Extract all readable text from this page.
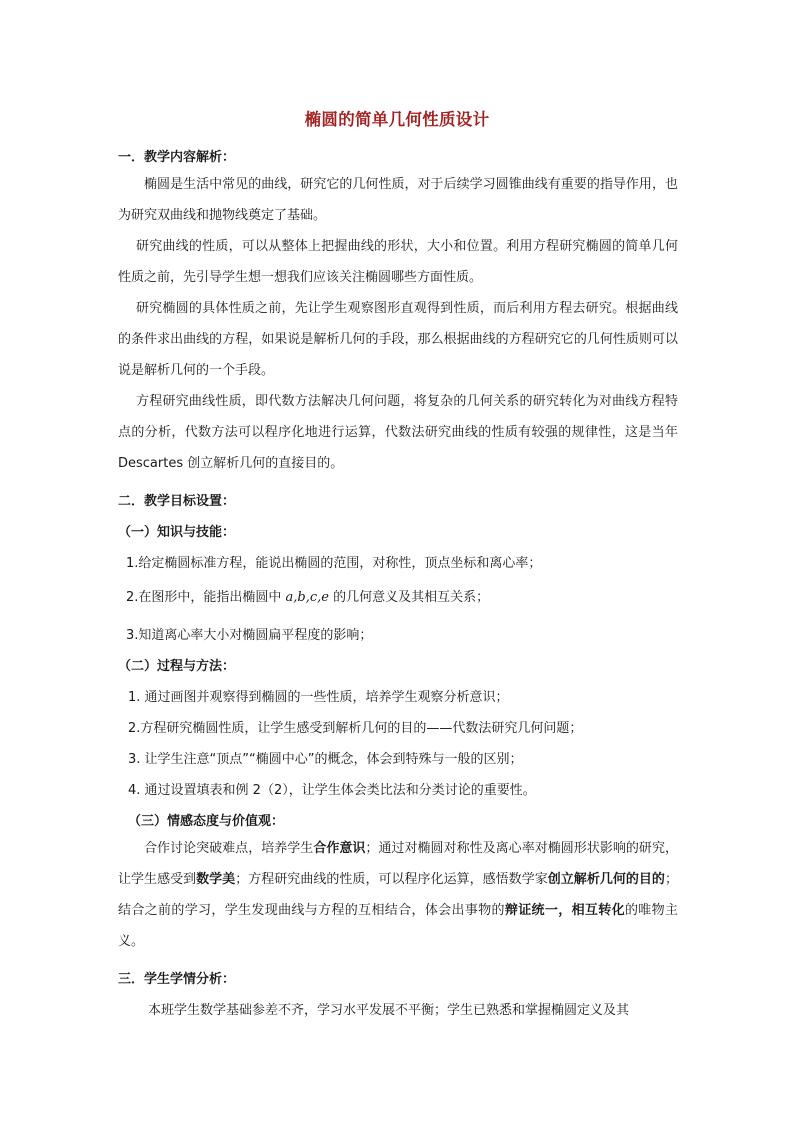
椭圆的简单几何性质设计
一．教学内容解析：

椭圆是生活中常见的曲线，研究它的几何性质，对于后续学习圆锥曲线有重要的指导作用，也为研究双曲线和抛物线奠定了基础。

研究曲线的性质，可以从整体上把握曲线的形状，大小和位置。利用方程研究椭圆的简单几何性质之前，先引导学生想一想我们应该关注椭圆哪些方面性质。

研究椭圆的具体性质之前，先让学生观察图形直观得到性质，而后利用方程去研究。根据曲线的条件求出曲线的方程，如果说是解析几何的手段，那么根据曲线的方程研究它的几何性质则可以说是解析几何的一个手段。

方程研究曲线性质，即代数方法解决几何问题，将复杂的几何关系的研究转化为对曲线方程特点的分析，代数方法可以程序化地进行运算，代数法研究曲线的性质有较强的规律性，这是当年 Descartes 创立解析几何的直接目的。

二．教学目标设置：
（一）知识与技能：
1.给定椭圆标准方程，能说出椭圆的范围，对称性，顶点坐标和离心率；
2.在图形中，能指出椭圆中 a,b,c,e 的几何意义及其相互关系；
3.知道离心率大小对椭圆扁平程度的影响；
（二）过程与方法：
1. 通过画图并观察得到椭圆的一些性质，培养学生观察分析意识；
2.方程研究椭圆性质，让学生感受到解析几何的目的——代数法研究几何问题；
3. 让学生注意“顶点”“椭圆中心”的概念，体会到特殊与一般的区别；
4. 通过设置填表和例 2（2），让学生体会类比法和分类讨论的重要性。
（三）情感态度与价值观：

合作讨论突破难点，培养学生合作意识；通过对椭圆对称性及离心率对椭圆形状影响的研究，让学生感受到数学美；方程研究曲线的性质，可以程序化运算，感悟数学家创立解析几何的目的；结合之前的学习，学生发现曲线与方程的互相结合，体会出事物的辩证统一，相互转化的唯物主义。

三．学生学情分析：
本班学生数学基础参差不齐，学习水平发展不平衡；学生已熟悉和掌握椭圆定义及其
